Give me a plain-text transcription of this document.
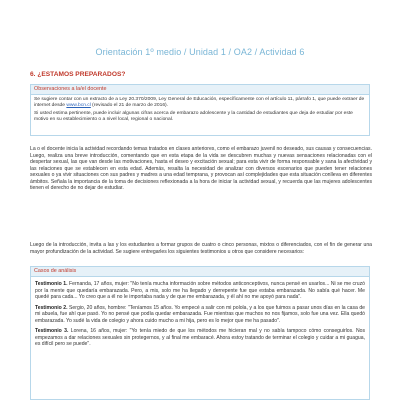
Orientación 1º medio / Unidad 1 / OA2 / Actividad 6
6. ¿ESTAMOS PREPARADOS?
Observaciones a la/el docente

Se sugiere contar con un extracto de a Ley 20.370/2009, Ley General de Educación, específicamente con el artículo 11, párrafo 1, que puede extraer de internet desde www.bcn.cl (revisado el 21 de marzo de 2016).

Si usted estima pertinente, puede incluir algunas cifras acerca de embarazo adolescente y la cantidad de estudiantes que deja de estudiar por este motivo en su establecimiento o a nivel local, regional o nacional.

La o el docente inicia la actividad recordando temas tratados en clases anteriores, como el embarazo juvenil no deseado, sus causas y consecuencias. Luego, realiza una breve introducción, comentando que en esta etapa de la vida se descubren muchas y nuevas sensaciones relacionadas con el despertar sexual, las que van desde las motivaciones, hasta el deseo y excitación sexual; para esta vivir de forma responsable y sana la afectividad y las relaciones que se establecen en esta edad. Además, resalta la necesidad de analizar con diversos escenarios que pueden tener relaciones sexuales o ya vivir situaciones con sus padres y madres a una edad temprana, y provocan así complejidades que esta situación conlleva en diferentes ámbitos. Señala la importancia de la toma de decisiones reflexionada a la hora de iniciar la actividad sexual, y recuerda que las mujeres adolescentes tienen el derecho de no dejar de estudiar.

Luego de la introducción, invita a las y los estudiantes a formar grupos de cuatro o cinco personas, mixtos o diferenciados, con el fin de generar una mayor profundización de la actividad. Se sugiere entregarles los siguientes testimonios u otros que considere necesarios:

Casos de análisis

Testimonio 1. Fernanda, 17 años, mujer: "No tenía mucha información sobre métodos anticonceptivos, nunca pensé en usarlos... Ni se me cruzó por la mente que quedaría embarazada. Pero, a mis, solo me ha llegado y derrepente fue que estaba embarazada. No sabía qué hacer. Me quedé para cada... Yo creo que a él no le importaba nada y de que me embarazada, y él ahí no me apoyó para nada".

Testimonio 2. Sergio, 20 años, hombre: "Teníamos 15 años. Yo empecé a salir con mi polola, y a los que fuimos a pasar unos días en la casa de mi abuela, fue ahí que pasó. Yo no pensé que podía quedar embarazada. Fue mientras que muchos no nos fijamos, solo fue una vez. Ella quedó embarazada. Yo sudé la vida de colegio y ahora cuido mucho a mi hija, pero es lo mejor que me ha pasado".

Testimonio 3. Lorena, 16 años, mujer: "Yo tenía miedo de que los métodos me hicieran mal y no sabía tampoco cómo conseguirlos. Nos empezamos a dar relaciones sexuales sin protegernos, y al final me embaracé. Ahora estoy tratando de terminar el colegio y cuidar a mi guagua, es difícil pero se puede".
